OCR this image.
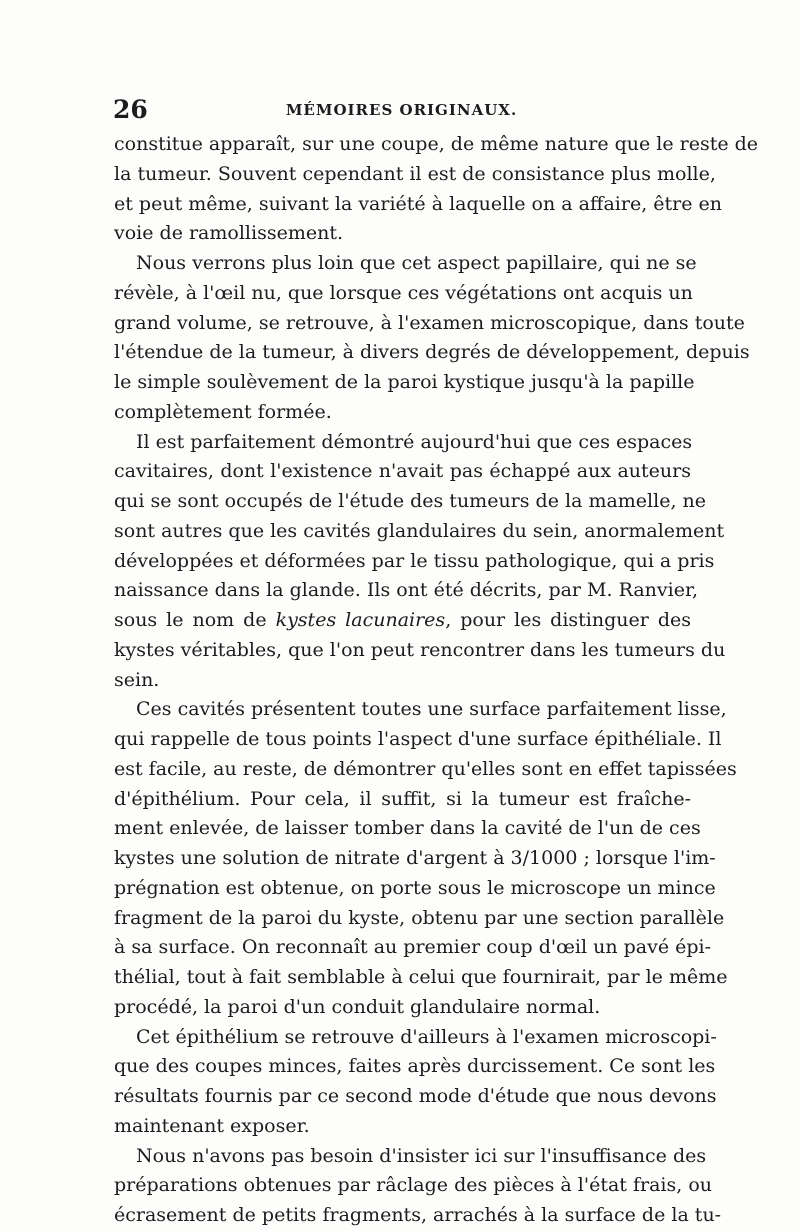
26	MÉMOIRES ORIGINAUX.
constitue apparaît, sur une coupe, de même nature que le reste de
la tumeur. Souvent cependant il est de consistance plus molle,
et peut même, suivant la variété à laquelle on a affaire, être en
voie de ramollissement.
Nous verrons plus loin que cet aspect papillaire, qui ne se
révèle, à l'œil nu, que lorsque ces végétations ont acquis un
grand volume, se retrouve, à l'examen microscopique, dans toute
l'étendue de la tumeur, à divers degrés de développement, depuis
le simple soulèvement de la paroi kystique jusqu'à la papille
complètement formée.
Il est parfaitement démontré aujourd'hui que ces espaces
cavitaires, dont l'existence n'avait pas échappé aux auteurs
qui se sont occupés de l'étude des tumeurs de la mamelle, ne
sont autres que les cavités glandulaires du sein, anormalement
développées et déformées par le tissu pathologique, qui a pris
naissance dans la glande. Ils ont été décrits, par M. Ranvier,
sous le nom de kystes lacunaires, pour les distinguer des
kystes véritables, que l'on peut rencontrer dans les tumeurs du
sein.
Ces cavités présentent toutes une surface parfaitement lisse,
qui rappelle de tous points l'aspect d'une surface épithéliale. Il
est facile, au reste, de démontrer qu'elles sont en effet tapissées
d'épithélium. Pour cela, il suffit, si la tumeur est fraîche-
ment enlevée, de laisser tomber dans la cavité de l'un de ces
kystes une solution de nitrate d'argent à 3/1000 ; lorsque l'im-
prégnation est obtenue, on porte sous le microscope un mince
fragment de la paroi du kyste, obtenu par une section parallèle
à sa surface. On reconnaît au premier coup d'œil un pavé épi-
thélial, tout à fait semblable à celui que fournirait, par le même
procédé, la paroi d'un conduit glandulaire normal.
Cet épithélium se retrouve d'ailleurs à l'examen microscopi-
que des coupes minces, faites après durcissement. Ce sont les
résultats fournis par ce second mode d'étude que nous devons
maintenant exposer.
Nous n'avons pas besoin d'insister ici sur l'insuffisance des
préparations obtenues par râclage des pièces à l'état frais, ou
écrasement de petits fragments, arrachés à la surface de la tu-
